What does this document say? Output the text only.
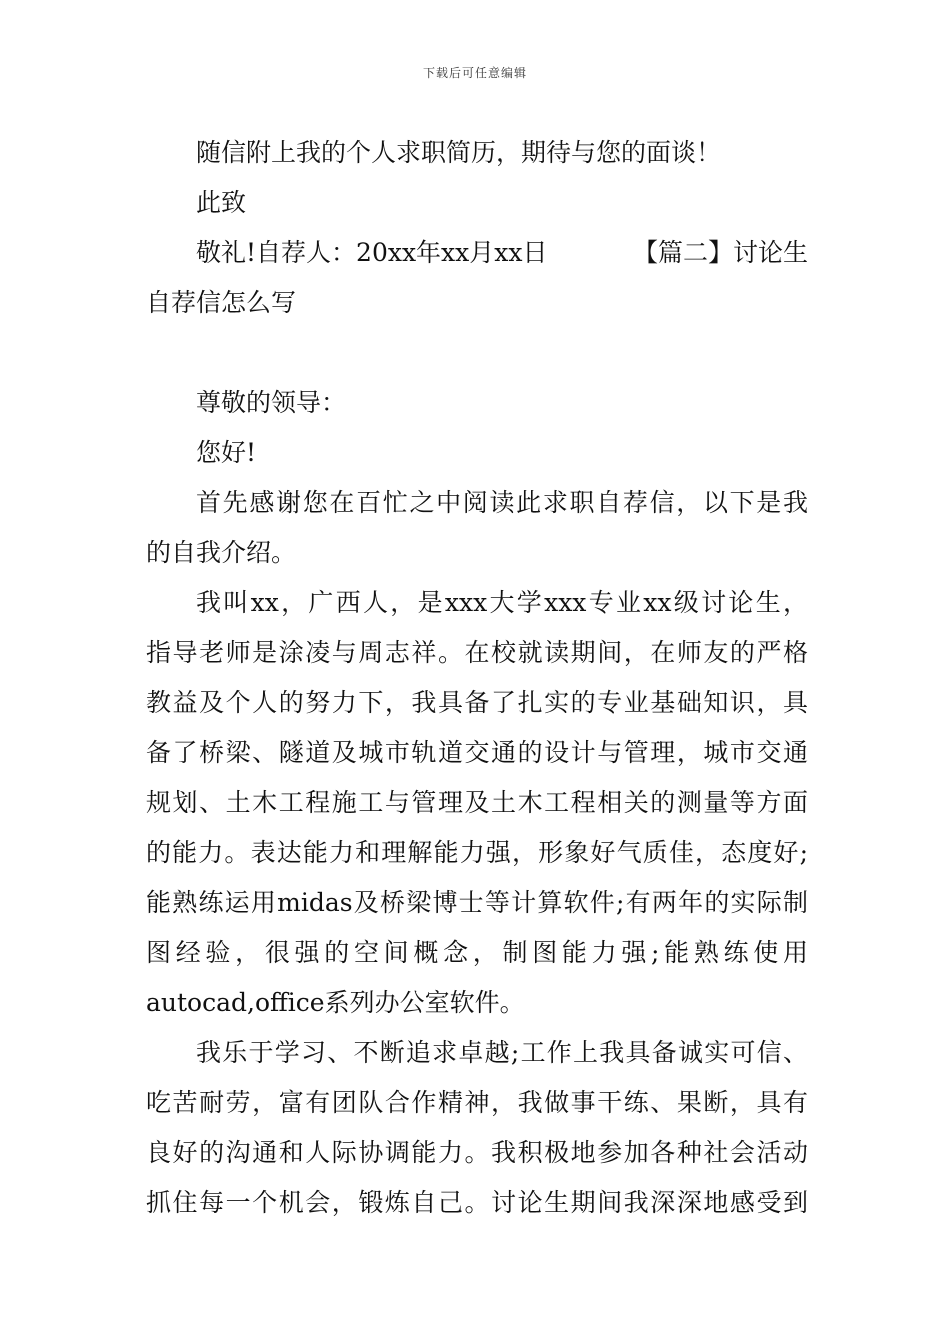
下载后可任意编辑
随信附上我的个人求职简历，期待与您的面谈！
此致
敬礼!自荐人：20xx年xx月xx日	【篇二】讨论生
自荐信怎么写
尊敬的领导：
您好!
首先感谢您在百忙之中阅读此求职自荐信，以下是我
的自我介绍。
我叫xx，广西人，是xxx大学xxx专业xx级讨论生，
指导老师是涂凌与周志祥。在校就读期间，在师友的严格
教益及个人的努力下，我具备了扎实的专业基础知识，具
备了桥梁、隧道及城市轨道交通的设计与管理，城市交通
规划、土木工程施工与管理及土木工程相关的测量等方面
的能力。表达能力和理解能力强，形象好气质佳，态度好;
能熟练运用midas及桥梁博士等计算软件;有两年的实际制
图经验，很强的空间概念，制图能力强;能熟练使用
autocad,office系列办公室软件。
我乐于学习、不断追求卓越;工作上我具备诚实可信、
吃苦耐劳，富有团队合作精神，我做事干练、果断，具有
良好的沟通和人际协调能力。我积极地参加各种社会活动
抓住每一个机会，锻炼自己。讨论生期间我深深地感受到
